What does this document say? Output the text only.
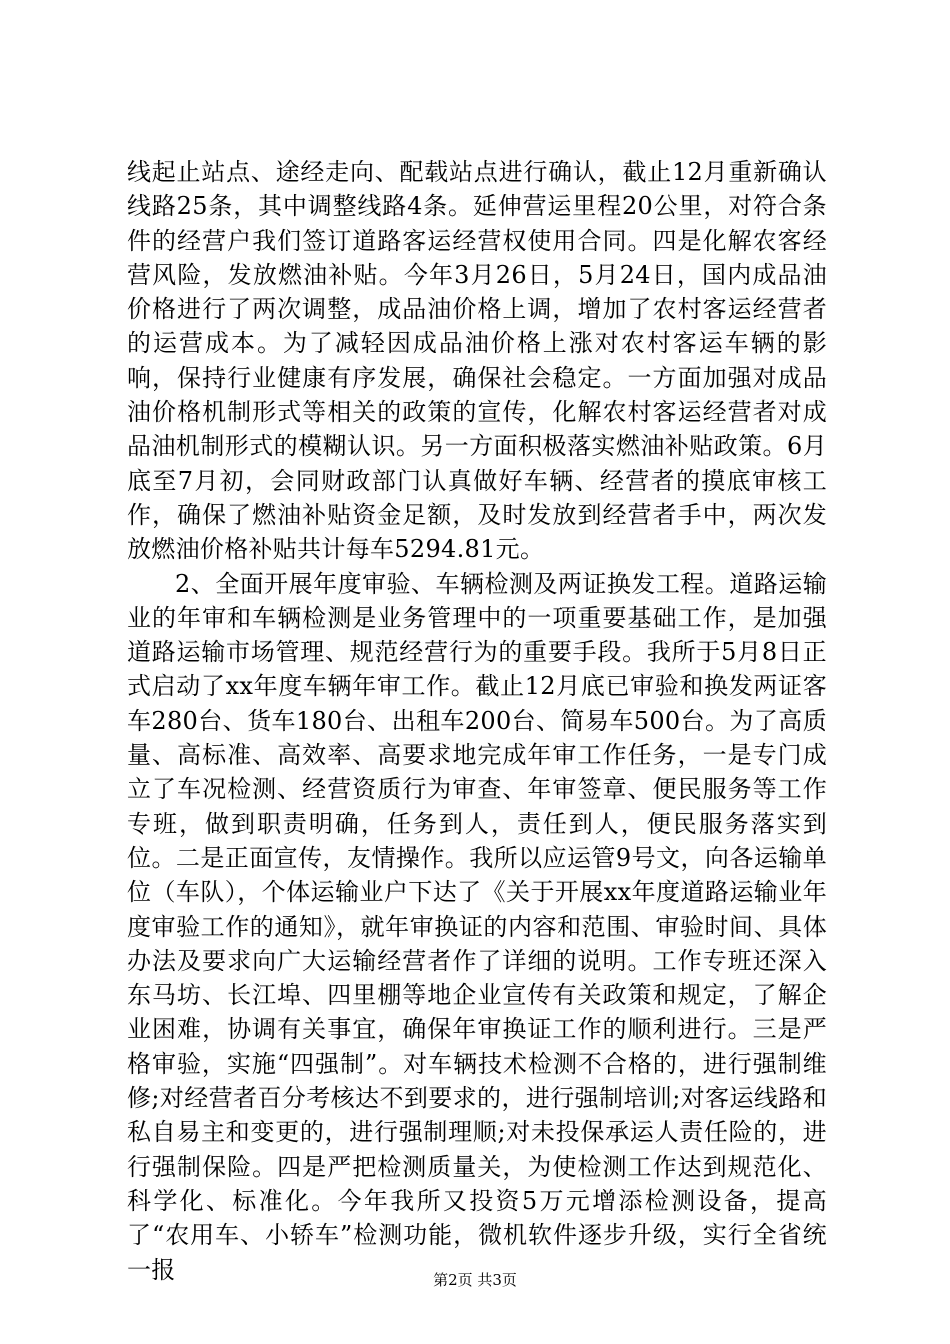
线起止站点、途经走向、配载站点进行确认，截止12月重新确认线路25条，其中调整线路4条。延伸营运里程20公里，对符合条件的经营户我们签订道路客运经营权使用合同。四是化解农客经营风险，发放燃油补贴。今年3月26日，5月24日，国内成品油价格进行了两次调整，成品油价格上调，增加了农村客运经营者的运营成本。为了减轻因成品油价格上涨对农村客运车辆的影响，保持行业健康有序发展，确保社会稳定。一方面加强对成品油价格机制形式等相关的政策的宣传，化解农村客运经营者对成品油机制形式的模糊认识。另一方面积极落实燃油补贴政策。6月底至7月初，会同财政部门认真做好车辆、经营者的摸底审核工作，确保了燃油补贴资金足额，及时发放到经营者手中，两次发放燃油价格补贴共计每车5294.81元。

2、全面开展年度审验、车辆检测及两证换发工程。道路运输业的年审和车辆检测是业务管理中的一项重要基础工作，是加强道路运输市场管理、规范经营行为的重要手段。我所于5月8日正式启动了xx年度车辆年审工作。截止12月底已审验和换发两证客车280台、货车180台、出租车200台、简易车500台。为了高质量、高标准、高效率、高要求地完成年审工作任务，一是专门成立了车况检测、经营资质行为审查、年审签章、便民服务等工作专班，做到职责明确，任务到人，责任到人，便民服务落实到位。二是正面宣传，友情操作。我所以应运管9号文，向各运输单位（车队），个体运输业户下达了《关于开展xx年度道路运输业年度审验工作的通知》，就年审换证的内容和范围、审验时间、具体办法及要求向广大运输经营者作了详细的说明。工作专班还深入东马坊、长江埠、四里棚等地企业宣传有关政策和规定，了解企业困难，协调有关事宜，确保年审换证工作的顺利进行。三是严格审验，实施“四强制”。对车辆技术检测不合格的，进行强制维修;对经营者百分考核达不到要求的，进行强制培训;对客运线路和私自易主和变更的，进行强制理顺;对未投保承运人责任险的，进行强制保险。四是严把检测质量关，为使检测工作达到规范化、科学化、标准化。今年我所又投资5万元增添检测设备，提高了“农用车、小轿车”检测功能，微机软件逐步升级，实行全省统一报	第2页 共3页
